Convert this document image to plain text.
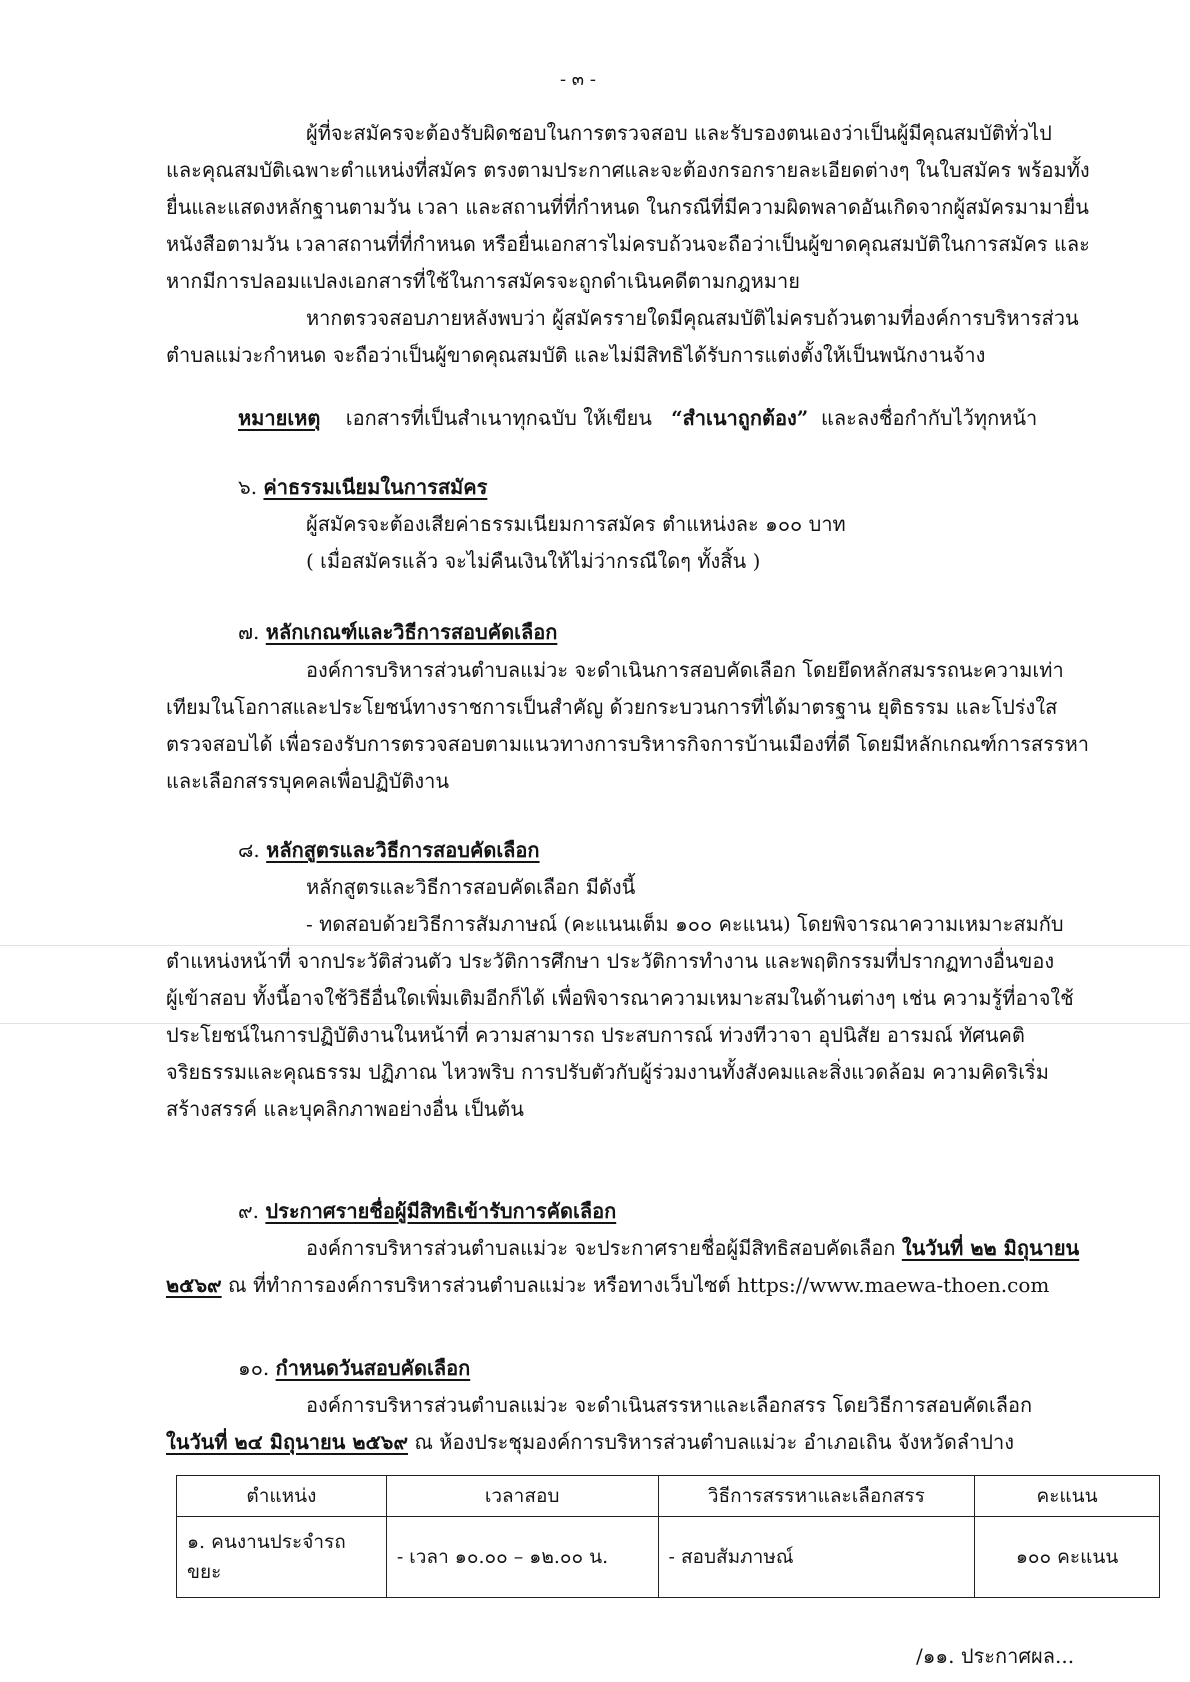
- ๓ -
ผู้ที่จะสมัครจะต้องรับผิดชอบในการตรวจสอบ และรับรองตนเองว่าเป็นผู้มีคุณสมบัติทั่วไป
และคุณสมบัติเฉพาะตำแหน่งที่สมัคร ตรงตามประกาศและจะต้องกรอกรายละเอียดต่างๆ ในใบสมัคร พร้อมทั้ง
ยื่นและแสดงหลักฐานตามวัน เวลา และสถานที่ที่กำหนด ในกรณีที่มีความผิดพลาดอันเกิดจากผู้สมัครมามายื่น
หนังสือตามวัน เวลาสถานที่ที่กำหนด หรือยื่นเอกสารไม่ครบถ้วนจะถือว่าเป็นผู้ขาดคุณสมบัติในการสมัคร และ
หากมีการปลอมแปลงเอกสารที่ใช้ในการสมัครจะถูกดำเนินคดีตามกฎหมาย
หากตรวจสอบภายหลังพบว่า ผู้สมัครรายใดมีคุณสมบัติไม่ครบถ้วนตามที่องค์การบริหารส่วน
ตำบลแม่วะกำหนด จะถือว่าเป็นผู้ขาดคุณสมบัติ และไม่มีสิทธิได้รับการแต่งตั้งให้เป็นพนักงานจ้าง
หมายเหตุ เอกสารที่เป็นสำเนาทุกฉบับ ให้เขียน “สำเนาถูกต้อง” และลงชื่อกำกับไว้ทุกหน้า
๖. ค่าธรรมเนียมในการสมัคร
ผู้สมัครจะต้องเสียค่าธรรมเนียมการสมัคร ตำแหน่งละ ๑๐๐ บาท
( เมื่อสมัครแล้ว จะไม่คืนเงินให้ไม่ว่ากรณีใดๆ ทั้งสิ้น )
๗. หลักเกณฑ์และวิธีการสอบคัดเลือก
องค์การบริหารส่วนตำบลแม่วะ จะดำเนินการสอบคัดเลือก โดยยึดหลักสมรรถนะความเท่า
เทียมในโอกาสและประโยชน์ทางราชการเป็นสำคัญ ด้วยกระบวนการที่ได้มาตรฐาน ยุติธรรม และโปร่งใส
ตรวจสอบได้ เพื่อรองรับการตรวจสอบตามแนวทางการบริหารกิจการบ้านเมืองที่ดี โดยมีหลักเกณฑ์การสรรหา
และเลือกสรรบุคคลเพื่อปฏิบัติงาน
๘. หลักสูตรและวิธีการสอบคัดเลือก
หลักสูตรและวิธีการสอบคัดเลือก มีดังนี้
- ทดสอบด้วยวิธีการสัมภาษณ์ (คะแนนเต็ม ๑๐๐ คะแนน) โดยพิจารณาความเหมาะสมกับ
ตำแหน่งหน้าที่ จากประวัติส่วนตัว ประวัติการศึกษา ประวัติการทำงาน และพฤติกรรมที่ปรากฏทางอื่นของ
ผู้เข้าสอบ ทั้งนี้อาจใช้วิธีอื่นใดเพิ่มเติมอีกก็ได้ เพื่อพิจารณาความเหมาะสมในด้านต่างๆ เช่น ความรู้ที่อาจใช้
ประโยชน์ในการปฏิบัติงานในหน้าที่ ความสามารถ ประสบการณ์ ท่วงทีวาจา อุปนิสัย อารมณ์ ทัศนคติ
จริยธรรมและคุณธรรม ปฏิภาณ ไหวพริบ การปรับตัวกับผู้ร่วมงานทั้งสังคมและสิ่งแวดล้อม ความคิดริเริ่ม
สร้างสรรค์ และบุคลิกภาพอย่างอื่น เป็นต้น
๙. ประกาศรายชื่อผู้มีสิทธิเข้ารับการคัดเลือก
องค์การบริหารส่วนตำบลแม่วะ จะประกาศรายชื่อผู้มีสิทธิสอบคัดเลือก ในวันที่ ๒๒ มิถุนายน
๒๕๖๙ ณ ที่ทำการองค์การบริหารส่วนตำบลแม่วะ หรือทางเว็บไซต์ https://www.maewa-thoen.com
๑๐. กำหนดวันสอบคัดเลือก
องค์การบริหารส่วนตำบลแม่วะ จะดำเนินสรรหาและเลือกสรร โดยวิธีการสอบคัดเลือก
ในวันที่ ๒๔ มิถุนายน ๒๕๖๙ ณ ห้องประชุมองค์การบริหารส่วนตำบลแม่วะ อำเภอเถิน จังหวัดลำปาง
ตำแหน่ง	เวลาสอบ	วิธีการสรรหาและเลือกสรร	คะแนน
๑. คนงานประจำรถขยะ	- เวลา ๑๐.๐๐ – ๑๒.๐๐ น.	- สอบสัมภาษณ์	๑๐๐ คะแนน
/๑๑. ประกาศผล...
